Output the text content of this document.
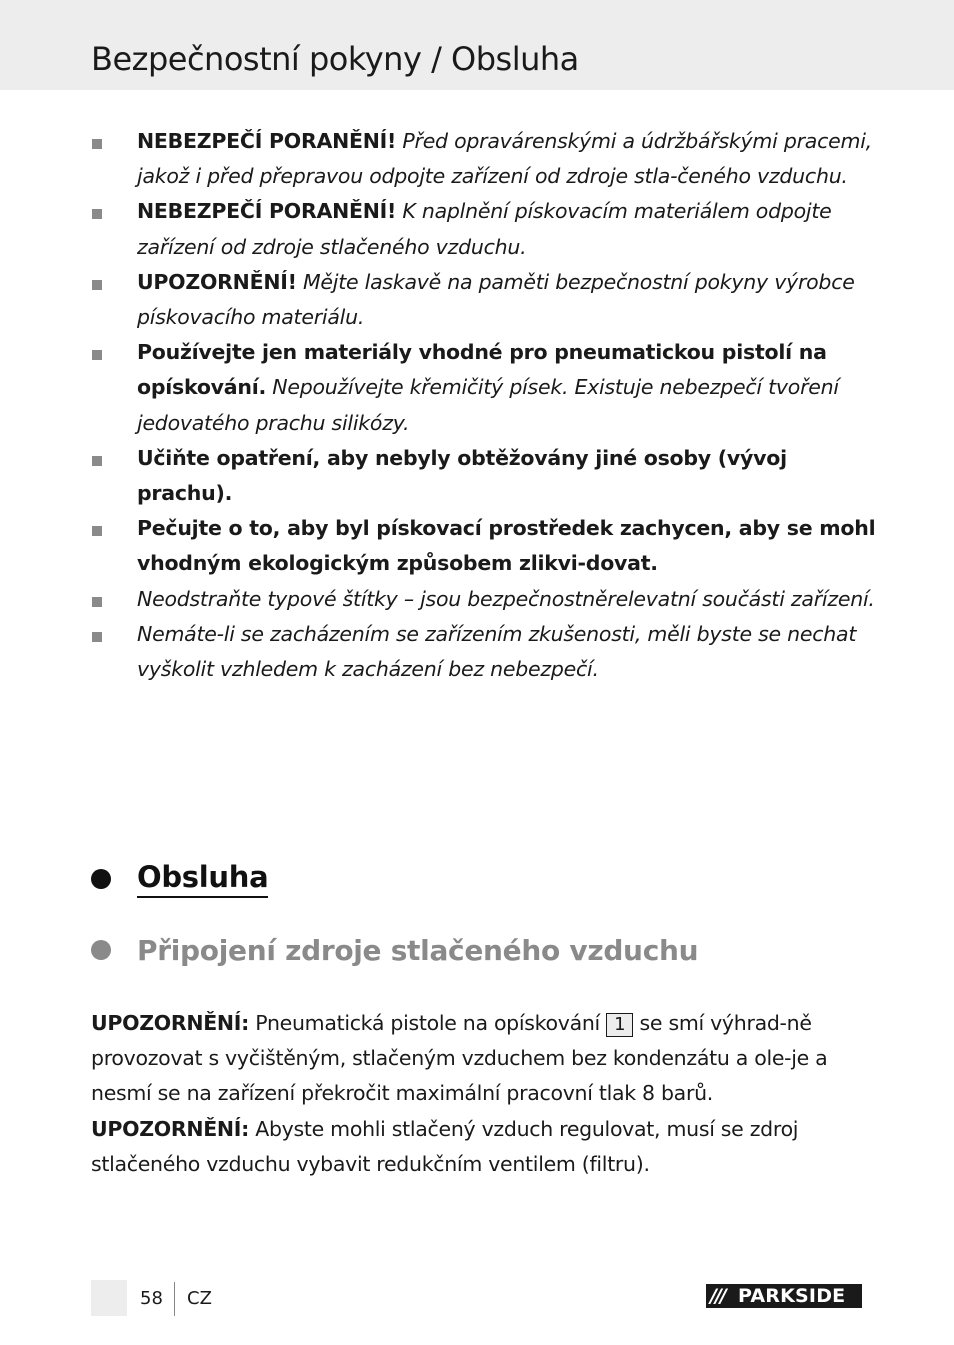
Bezpečnostní pokyny / Obsluha
NEBEZPEČÍ PORANĚNÍ! Před opravárenskými a údržbářskými pracemi, jakož i před přepravou odpojte zařízení od zdroje stla-čeného vzduchu.
NEBEZPEČÍ PORANĚNÍ! K naplnění pískovacím materiálem odpojte zařízení od zdroje stlačeného vzduchu.
UPOZORNĚNÍ! Mějte laskavě na paměti bezpečnostní pokyny výrobce pískovacího materiálu.
Používejte jen materiály vhodné pro pneumatickou pistolí na opískování. Nepoužívejte křemičitý písek. Existuje nebezpečí tvoření jedovatého prachu silikózy.
Učiňte opatření, aby nebyly obtěžovány jiné osoby (vývoj prachu).
Pečujte o to, aby byl pískovací prostředek zachycen, aby se mohl vhodným ekologickým způsobem zlikvi-dovat.
Neodstraňte typové štítky – jsou bezpečnostněrelevatní součásti zařízení.
Nemáte-li se zacházením se zařízením zkušenosti, měli byste se nechat vyškolit vzhledem k zacházení bez nebezpečí.
Obsluha
Připojení zdroje stlačeného vzduchu

UPOZORNĚNÍ: Pneumatická pistole na opískování 1 se smí výhrad-ně provozovat s vyčištěným, stlačeným vzduchem bez kondenzátu a ole-je a nesmí se na zařízení překročit maximální pracovní tlak 8 barů.
UPOZORNĚNÍ: Abyste mohli stlačený vzduch regulovat, musí se zdroj stlačeného vzduchu vybavit redukčním ventilem (filtru).

58 CZ	/// PARKSIDE
